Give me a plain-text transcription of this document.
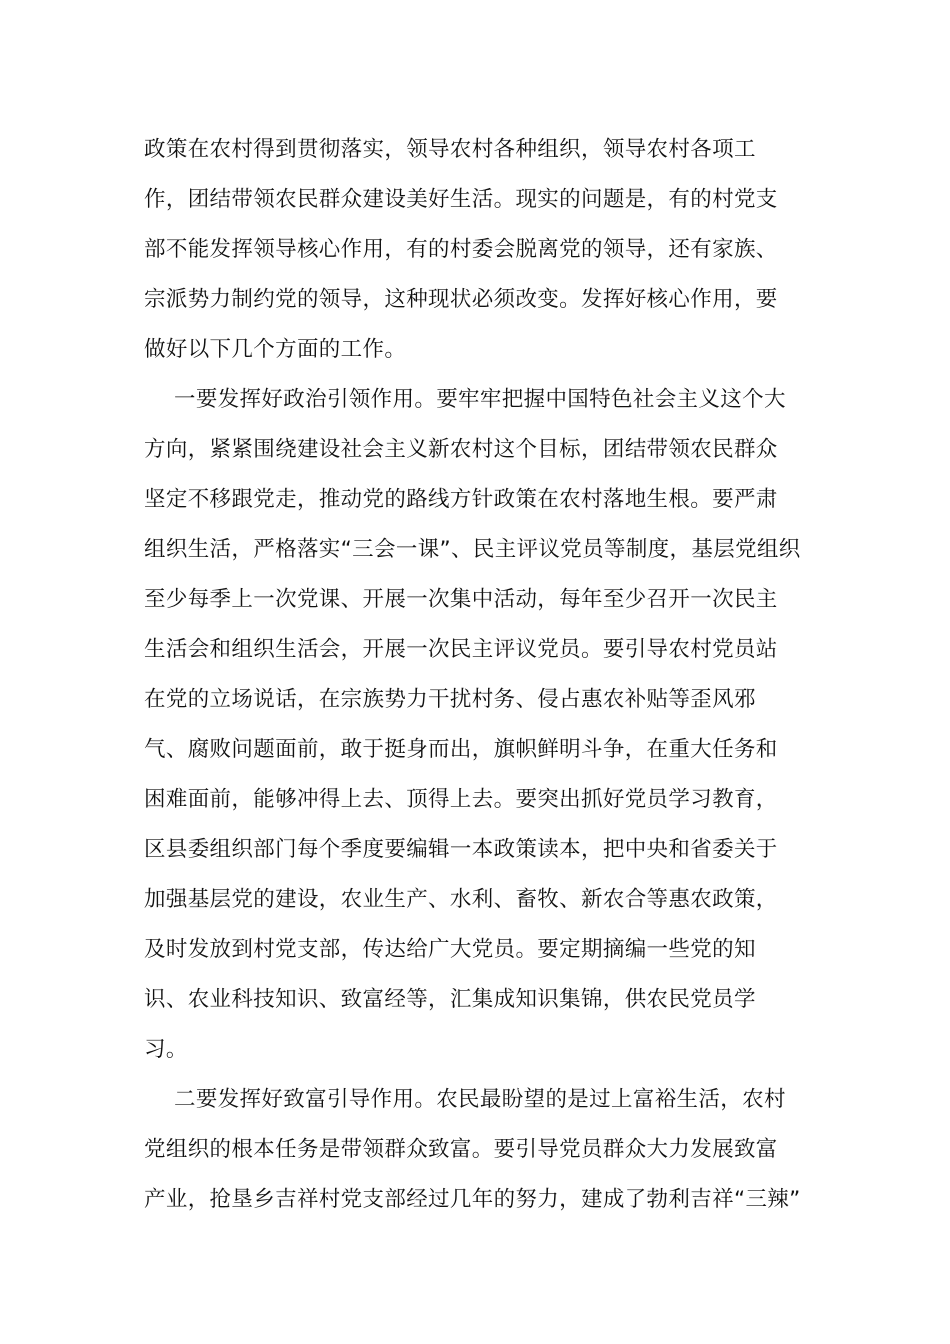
政策在农村得到贯彻落实，领导农村各种组织，领导农村各项工
作，团结带领农民群众建设美好生活。现实的问题是，有的村党支
部不能发挥领导核心作用，有的村委会脱离党的领导，还有家族、
宗派势力制约党的领导，这种现状必须改变。发挥好核心作用，要
做好以下几个方面的工作。
一要发挥好政治引领作用。要牢牢把握中国特色社会主义这个大
方向，紧紧围绕建设社会主义新农村这个目标，团结带领农民群众
坚定不移跟党走，推动党的路线方针政策在农村落地生根。要严肃
组织生活，严格落实“三会一课”、民主评议党员等制度，基层党组织
至少每季上一次党课、开展一次集中活动，每年至少召开一次民主
生活会和组织生活会，开展一次民主评议党员。要引导农村党员站
在党的立场说话，在宗族势力干扰村务、侵占惠农补贴等歪风邪
气、腐败问题面前，敢于挺身而出，旗帜鲜明斗争，在重大任务和
困难面前，能够冲得上去、顶得上去。要突出抓好党员学习教育，
区县委组织部门每个季度要编辑一本政策读本，把中央和省委关于
加强基层党的建设，农业生产、水利、畜牧、新农合等惠农政策，
及时发放到村党支部，传达给广大党员。要定期摘编一些党的知
识、农业科技知识、致富经等，汇集成知识集锦，供农民党员学
习。
二要发挥好致富引导作用。农民最盼望的是过上富裕生活，农村
党组织的根本任务是带领群众致富。要引导党员群众大力发展致富
产业，抢垦乡吉祥村党支部经过几年的努力，建成了勃利吉祥“三辣”
